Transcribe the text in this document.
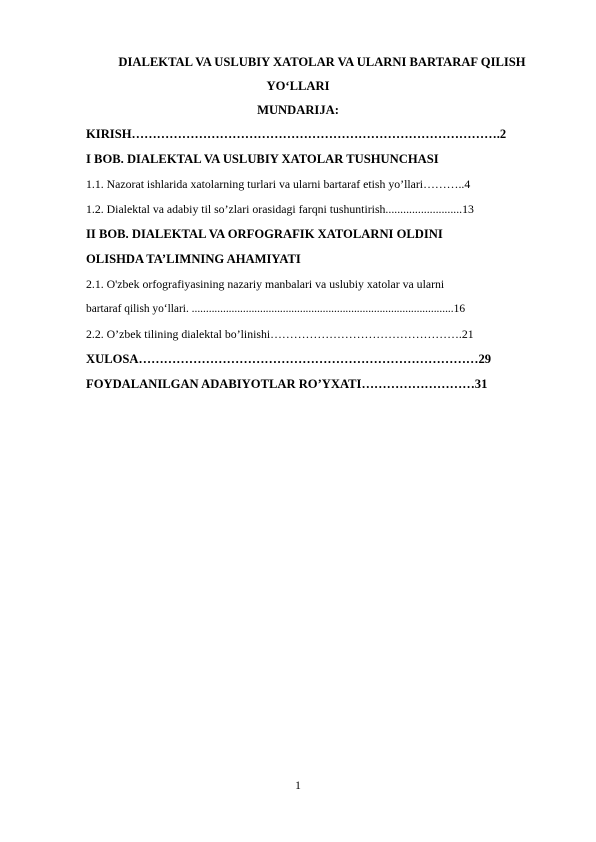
DIALEKTAL VA USLUBIY XATOLAR VA ULARNI BARTARAF QILISH
YO‘LLARI
MUNDARIJA:
KIRISH…………………………………………………………………………….2
I BOB. DIALEKTAL VA USLUBIY XATOLAR TUSHUNCHASI
1.1. Nazorat ishlarida xatolarning turlari va ularni bartaraf etish yo’llari………..4
1.2. Dialektal va adabiy til so’zlari orasidagi farqni tushuntirish..........................13
II BOB. DIALEKTAL VA ORFOGRAFIK XATOLARNI OLDINI
OLISHDA TA’LIMNING AHAMIYATI
2.1. O'zbek orfografiyasining nazariy manbalari va uslubiy xatolar va ularni
bartaraf qilish yo‘llari. ............................................................................................16
2.2. O’zbek tilining dialektal bo’linishi………………………………………….21
XULOSA………………………………………………………………………29
FOYDALANILGAN ADABIYOTLAR RO’YXATI………………………31
1
